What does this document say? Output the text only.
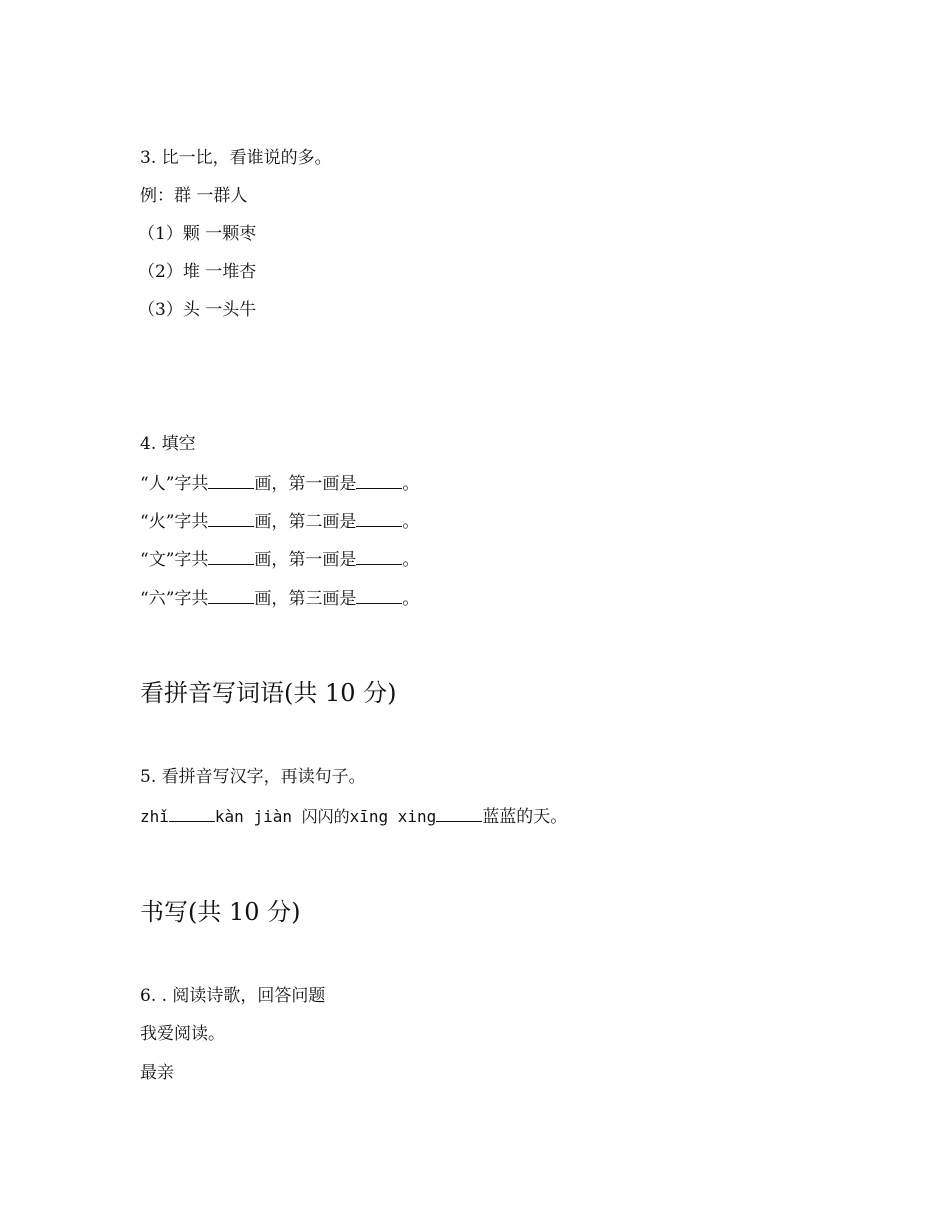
3. 比一比，看谁说的多。
例：群 一群人
（1）颗 一颗枣
（2）堆 一堆杏
（3）头 一头牛
4. 填空
“人”字共	画，第一画是	。
“火”字共	画，第二画是	。
“文”字共	画，第一画是	。
“六”字共	画，第三画是	。
看拼音写词语(共 10 分)
5. 看拼音写汉字，再读句子。
zhǐ	kàn jiàn 闪闪的xīng xing	蓝蓝的天。
书写(共 10 分)
6. . 阅读诗歌，回答问题
我爱阅读。
最亲
